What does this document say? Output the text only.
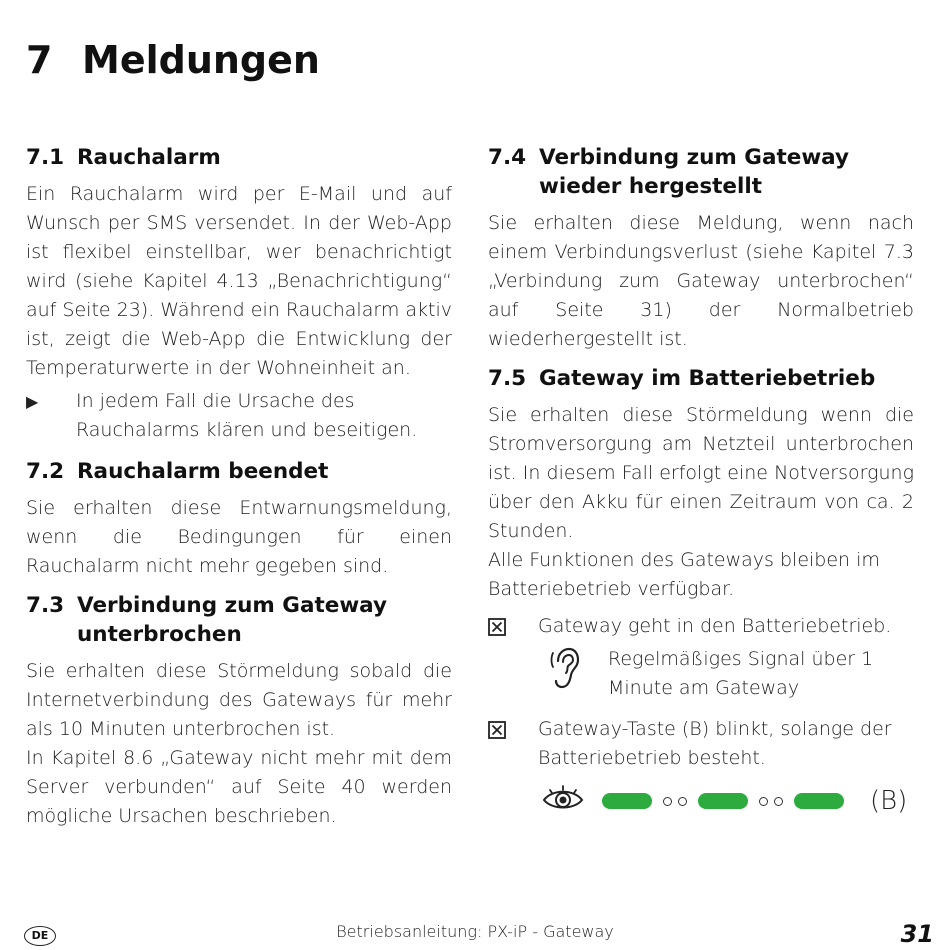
7 Meldungen
7.1 Rauchalarm

Ein Rauchalarm wird per E-Mail und auf Wunsch per SMS versendet. In der Web-App ist flexibel einstellbar, wer benachrichtigt wird (siehe Kapitel 4.13 „Benachrichtigung“ auf Seite 23). Während ein Rauchalarm aktiv ist, zeigt die Web-App die Entwicklung der Temperaturwerte in der Wohneinheit an.

▶	In jedem Fall die Ursache des Rauchalarms klären und beseitigen.
7.2 Rauchalarm beendet

Sie erhalten diese Entwarnungsmeldung, wenn die Bedingungen für einen Rauchalarm nicht mehr gegeben sind.

7.3 Verbindung zum Gateway unterbrochen

Sie erhalten diese Störmeldung sobald die Internetverbindung des Gateways für mehr als 10 Minuten unterbrochen ist.

In Kapitel 8.6 „Gateway nicht mehr mit dem Server verbunden“ auf Seite 40 werden mögliche Ursachen beschrieben.

7.4 Verbindung zum Gateway wieder hergestellt

Sie erhalten diese Meldung, wenn nach einem Verbindungsverlust (siehe Kapitel 7.3 „Verbindung zum Gateway unterbrochen“ auf Seite 31) der Normalbetrieb wiederhergestellt ist.

7.5 Gateway im Batteriebetrieb

Sie erhalten diese Störmeldung wenn die Stromversorgung am Netzteil unterbrochen ist. In diesem Fall erfolgt eine Notversorgung über den Akku für einen Zeitraum von ca. 2 Stunden.

Alle Funktionen des Gateways bleiben im Batteriebetrieb verfügbar.

Gateway geht in den Batteriebetrieb.
Regelmäßiges Signal über 1 Minute am Gateway
Gateway-Taste (B) blinkt, solange der Batteriebetrieb besteht.
(B)
DE	Betriebsanleitung: PX-iP - Gateway	31
